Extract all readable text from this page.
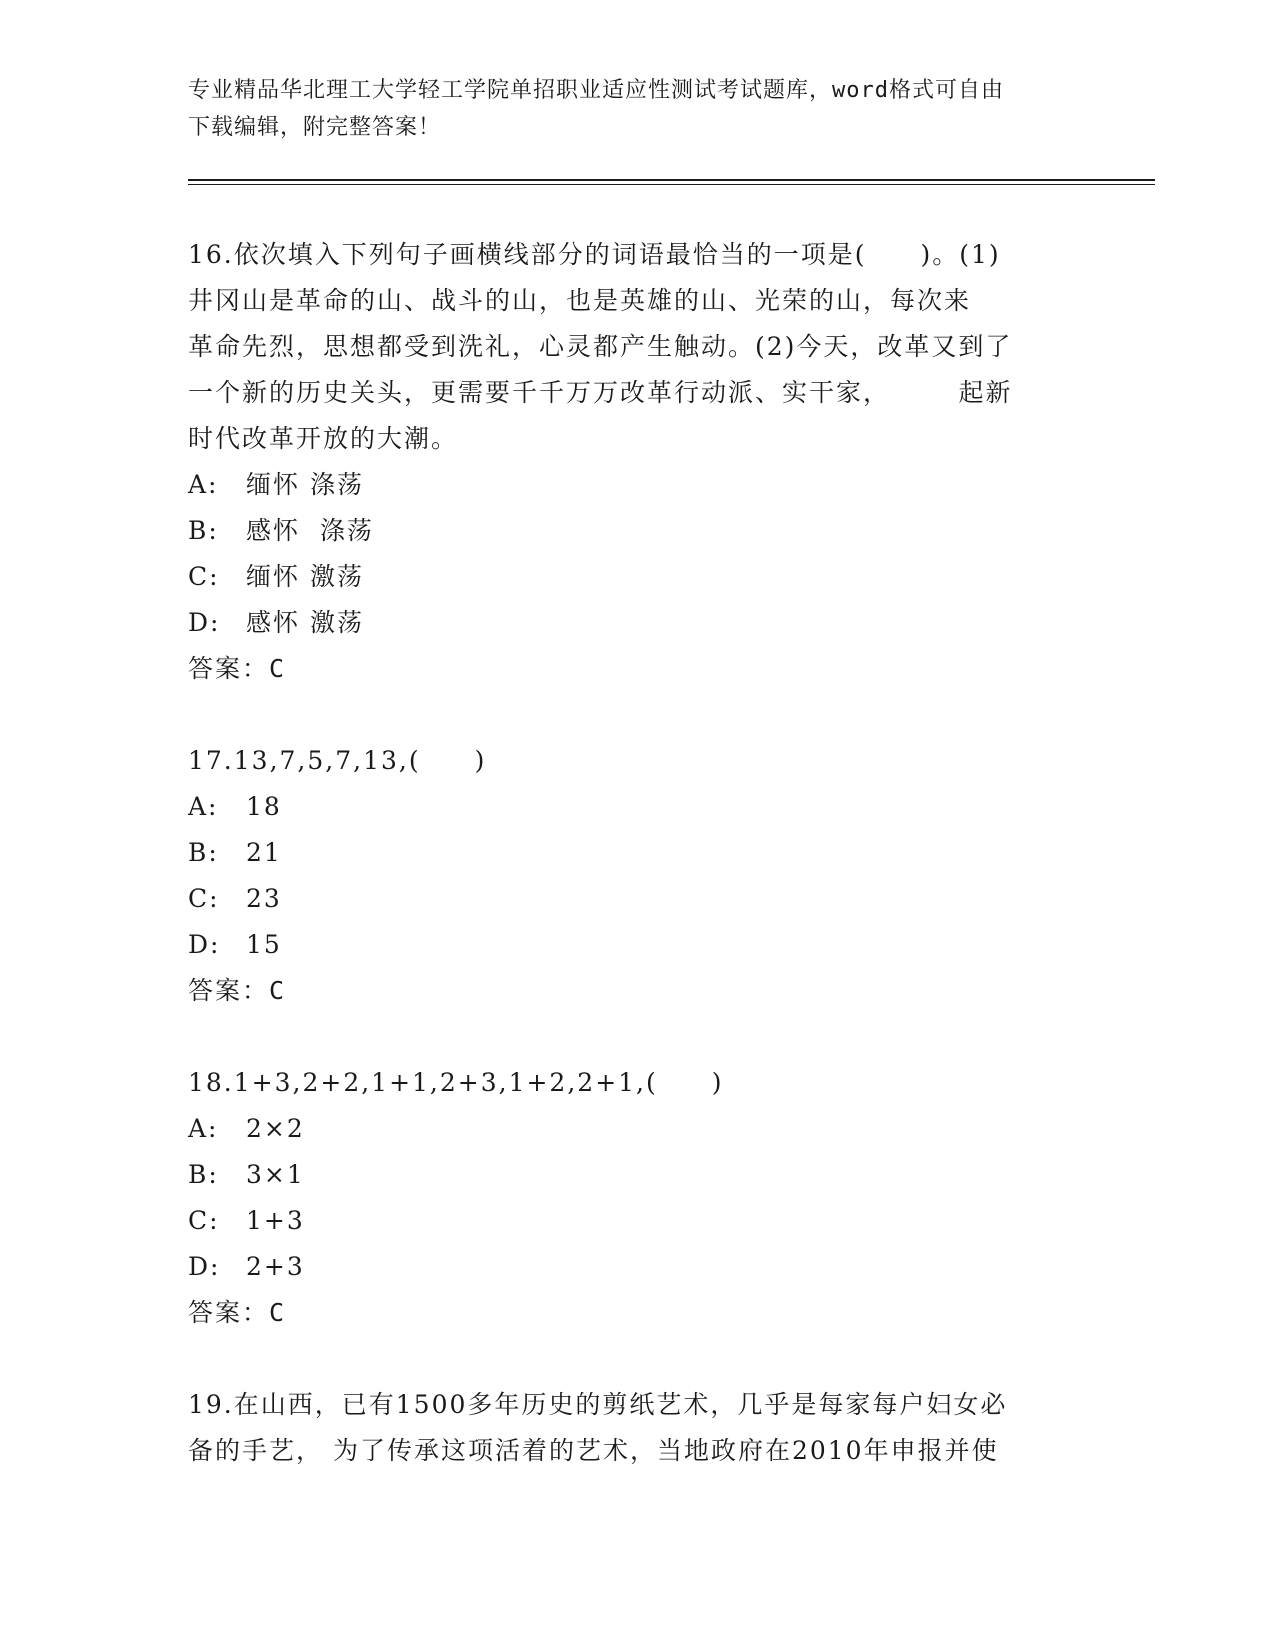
专业精品华北理工大学轻工学院单招职业适应性测试考试题库，word格式可自由
下载编辑，附完整答案！
16.依次填入下列句子画横线部分的词语最恰当的一项是(　　)。(1)
井冈山是革命的山、战斗的山，也是英雄的山、光荣的山，每次来
革命先烈，思想都受到洗礼，心灵都产生触动。(2)今天，改革又到了
一个新的历史关头，更需要千千万万改革行动派、实干家，　　　起新
时代改革开放的大潮。
A:	缅怀 涤荡
B:	感怀  涤荡
C:	缅怀 激荡
D:	感怀 激荡
答案：C
17.13,7,5,7,13,(　　)
A:	18
B:	21
C:	23
D:	15
答案：C
18.1+3,2+2,1+1,2+3,1+2,2+1,(　　)
A:	2×2
B:	3×1
C:	1+3
D:	2+3
答案：C
19.在山西，已有1500多年历史的剪纸艺术，几乎是每家每户妇女必
备的手艺， 为了传承这项活着的艺术，当地政府在2010年申报并使
